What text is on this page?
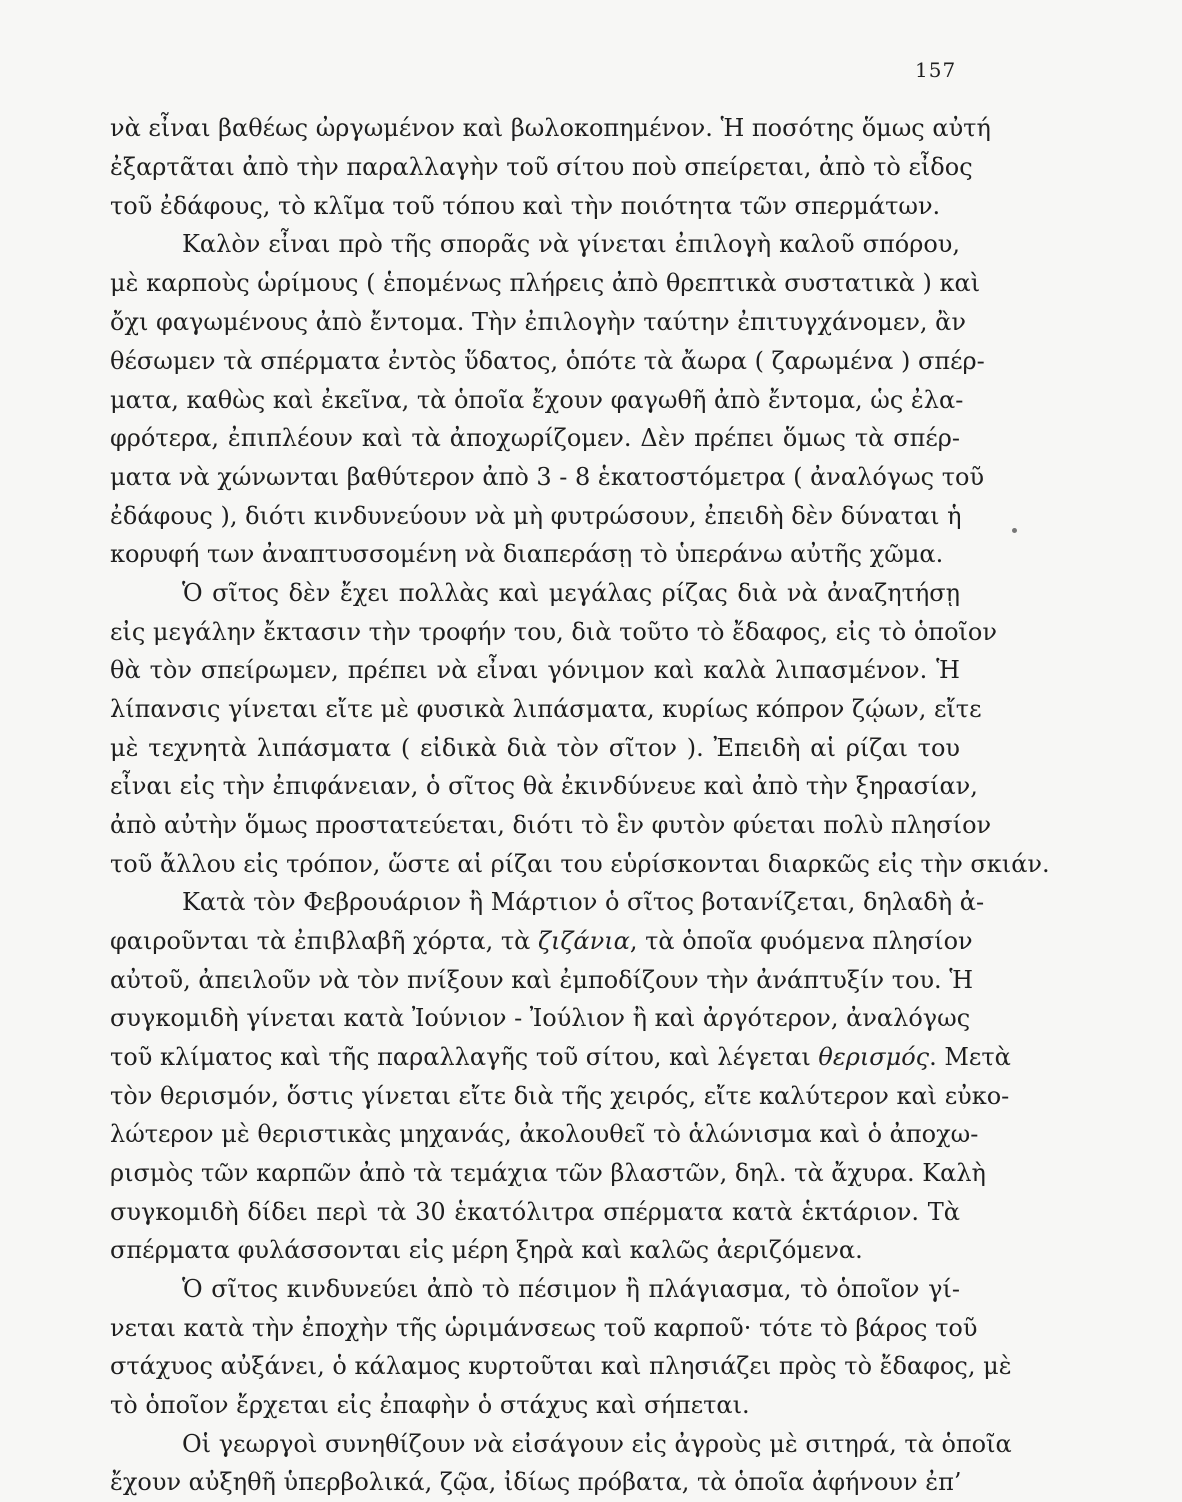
157
νὰ εἶναι βαθέως ὠργωμένον καὶ βωλοκοπημένον. Ἡ ποσότης ὅμως αὐτή
ἐξαρτᾶται ἀπὸ τὴν παραλλαγὴν τοῦ σίτου ποὺ σπείρεται, ἀπὸ τὸ εἶδος
τοῦ ἐδάφους, τὸ κλῖμα τοῦ τόπου καὶ τὴν ποιότητα τῶν σπερμάτων.
Καλὸν εἶναι πρὸ τῆς σπορᾶς νὰ γίνεται ἐπιλογὴ καλοῦ σπόρου,
μὲ καρποὺς ὡρίμους ( ἑπομένως πλήρεις ἀπὸ θρεπτικὰ συστατικὰ ) καὶ
ὄχι φαγωμένους ἀπὸ ἔντομα. Τὴν ἐπιλογὴν ταύτην ἐπιτυγχάνομεν, ἂν
θέσωμεν τὰ σπέρματα ἐντὸς ὕδατος, ὁπότε τὰ ἄωρα ( ζαρωμένα ) σπέρ-
ματα, καθὼς καὶ ἐκεῖνα, τὰ ὁποῖα ἔχουν φαγωθῆ ἀπὸ ἔντομα, ὡς ἐλα-
φρότερα, ἐπιπλέουν καὶ τὰ ἀποχωρίζομεν. Δὲν πρέπει ὅμως τὰ σπέρ-
ματα νὰ χώνωνται βαθύτερον ἀπὸ 3 - 8 ἑκατοστόμετρα ( ἀναλόγως τοῦ
ἐδάφους ), διότι κινδυνεύουν νὰ μὴ φυτρώσουν, ἐπειδὴ δὲν δύναται ἡ
κορυφή των ἀναπτυσσομένη νὰ διαπεράσῃ τὸ ὑπεράνω αὐτῆς χῶμα.
Ὁ σῖτος δὲν ἔχει πολλὰς καὶ μεγάλας ρίζας διὰ νὰ ἀναζητήσῃ
εἰς μεγάλην ἔκτασιν τὴν τροφήν του, διὰ τοῦτο τὸ ἔδαφος, εἰς τὸ ὁποῖον
θὰ τὸν σπείρωμεν, πρέπει νὰ εἶναι γόνιμον καὶ καλὰ λιπασμένον. Ἡ
λίπανσις γίνεται εἴτε μὲ φυσικὰ λιπάσματα, κυρίως κόπρον ζῴων, εἴτε
μὲ τεχνητὰ λιπάσματα ( εἰδικὰ διὰ τὸν σῖτον ). Ἐπειδὴ αἱ ρίζαι του
εἶναι εἰς τὴν ἐπιφάνειαν, ὁ σῖτος θὰ ἐκινδύνευε καὶ ἀπὸ τὴν ξηρασίαν,
ἀπὸ αὐτὴν ὅμως προστατεύεται, διότι τὸ ἓν φυτὸν φύεται πολὺ πλησίον
τοῦ ἄλλου εἰς τρόπον, ὥστε αἱ ρίζαι του εὑρίσκονται διαρκῶς εἰς τὴν σκιάν.
Κατὰ τὸν Φεβρουάριον ἢ Μάρτιον ὁ σῖτος βοτανίζεται, δηλαδὴ ἀ-
φαιροῦνται τὰ ἐπιβλαβῆ χόρτα, τὰ ζιζάνια, τὰ ὁποῖα φυόμενα πλησίον
αὐτοῦ, ἀπειλοῦν νὰ τὸν πνίξουν καὶ ἐμποδίζουν τὴν ἀνάπτυξίν του. Ἡ
συγκομιδὴ γίνεται κατὰ Ἰούνιον - Ἰούλιον ἢ καὶ ἀργότερον, ἀναλόγως
τοῦ κλίματος καὶ τῆς παραλλαγῆς τοῦ σίτου, καὶ λέγεται θερισμός. Μετὰ
τὸν θερισμόν, ὅστις γίνεται εἴτε διὰ τῆς χειρός, εἴτε καλύτερον καὶ εὐκο-
λώτερον μὲ θεριστικὰς μηχανάς, ἀκολουθεῖ τὸ ἁλώνισμα καὶ ὁ ἀποχω-
ρισμὸς τῶν καρπῶν ἀπὸ τὰ τεμάχια τῶν βλαστῶν, δηλ. τὰ ἄχυρα. Καλὴ
συγκομιδὴ δίδει περὶ τὰ 30 ἑκατόλιτρα σπέρματα κατὰ ἑκτάριον. Τὰ
σπέρματα φυλάσσονται εἰς μέρη ξηρὰ καὶ καλῶς ἀεριζόμενα.
Ὁ σῖτος κινδυνεύει ἀπὸ τὸ πέσιμον ἢ πλάγιασμα, τὸ ὁποῖον γί-
νεται κατὰ τὴν ἐποχὴν τῆς ὡριμάνσεως τοῦ καρποῦ· τότε τὸ βάρος τοῦ
στάχυος αὐξάνει, ὁ κάλαμος κυρτοῦται καὶ πλησιάζει πρὸς τὸ ἔδαφος, μὲ
τὸ ὁποῖον ἔρχεται εἰς ἐπαφὴν ὁ στάχυς καὶ σήπεται.
Οἱ γεωργοὶ συνηθίζουν νὰ εἰσάγουν εἰς ἀγροὺς μὲ σιτηρά, τὰ ὁποῖα
ἔχουν αὐξηθῆ ὑπερβολικά, ζῷα, ἰδίως πρόβατα, τὰ ὁποῖα ἀφήνουν ἐπ’
